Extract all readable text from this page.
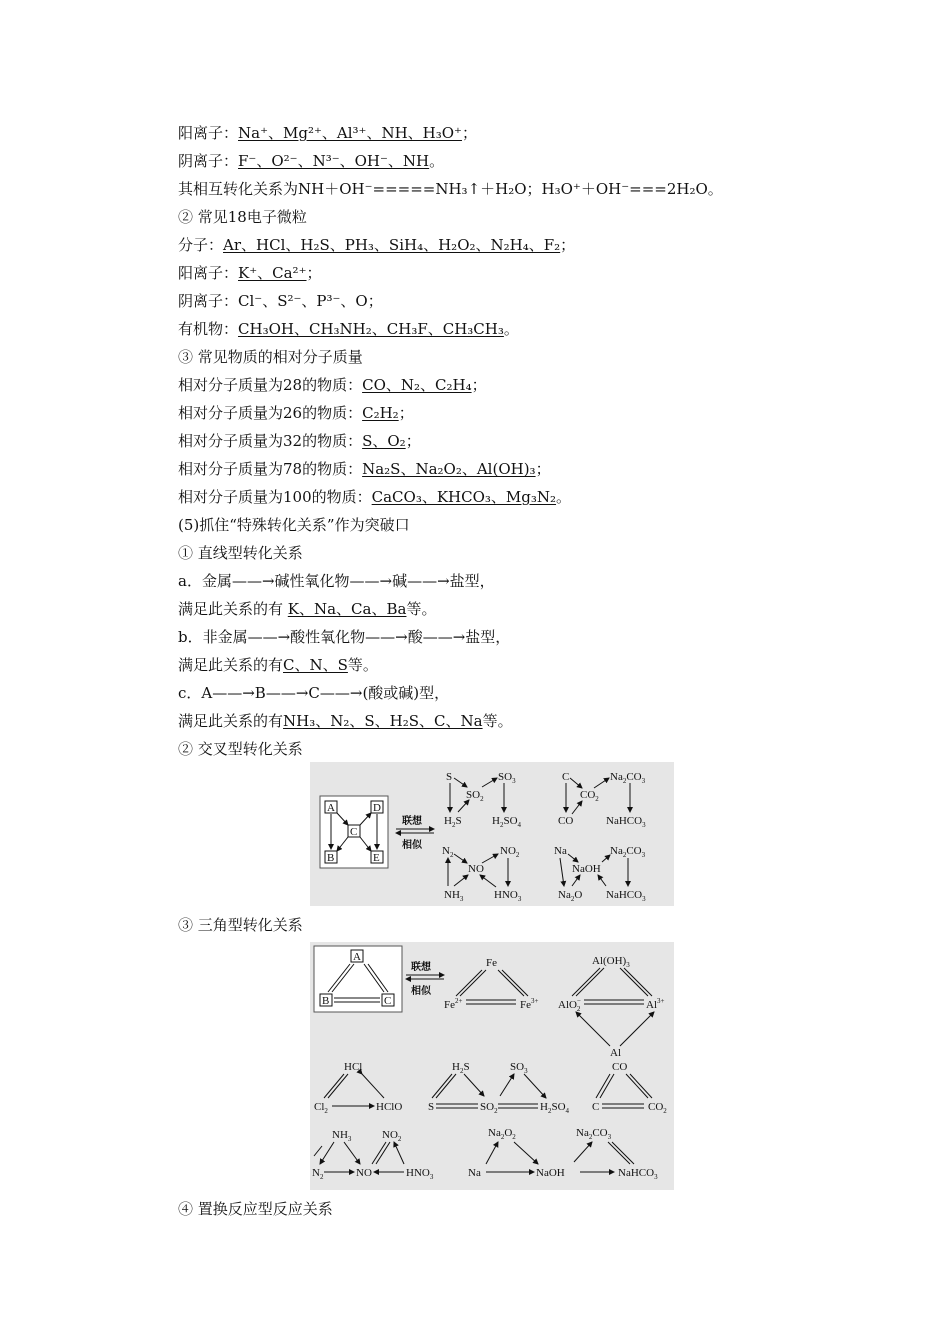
阳离子：Na⁺、Mg²⁺、Al³⁺、NH、H₃O⁺；
阴离子：F⁻、O²⁻、N³⁻、OH⁻、NH。
其相互转化关系为NH＋OH⁻=====NH₃↑＋H₂O；H₃O⁺＋OH⁻===2H₂O。
② 常见18电子微粒
分子：Ar、HCl、H₂S、PH₃、SiH₄、H₂O₂、N₂H₄、F₂；
阳离子：K⁺、Ca²⁺；
阴离子：Cl⁻、S²⁻、P³⁻、O；
有机物：CH₃OH、CH₃NH₂、CH₃F、CH₃CH₃。
③ 常见物质的相对分子质量
相对分子质量为28的物质：CO、N₂、C₂H₄；
相对分子质量为26的物质：C₂H₂；
相对分子质量为32的物质：S、O₂；
相对分子质量为78的物质：Na₂S、Na₂O₂、Al(OH)₃；
相对分子质量为100的物质：CaCO₃、KHCO₃、Mg₃N₂。
(5)抓住“特殊转化关系”作为突破口
① 直线型转化关系
a．金属——→碱性氧化物——→碱——→盐型，
满足此关系的有 K、Na、Ca、Ba等。
b．非金属——→酸性氧化物——→酸——→盐型，
满足此关系的有C、N、S等。
c．A——→B——→C——→(酸或碱)型，
满足此关系的有NH₃、N₂、S、H₂S、C、Na等。
② 交叉型转化关系
③ 三角型转化关系
④ 置换反应型反应关系
A	D
C
B	E
联想
相似
S	$SO_3$
$SO_2$
$H_2S$	$H_2SO_4$
C	$Na_2CO_3$
$CO_2$
CO	NaHCO$_3$
$N_2$	$NO_2$
NO
$NH_3$	$HNO_3$
Na	$Na_2CO_3$
NaOH
$Na_2O$ NaHCO$_3$
A
B	C
联想
相似
Fe
$Fe^{2+}$	$Fe^{3+}$
$Al(OH)_3$
AlO− 2	$Al^{3+}$
Al
HCl
$Cl_2$	HClO
$H_2S$	$SO_3$
S	$SO_2$	$H_2SO_4$
CO
C	$CO_2$
$NH_3$	$NO_2$
$N_2$	NO	$HNO_3$
$Na_2O_2$
Na	NaOH
$Na_2CO_3$
NaHCO$_3$
